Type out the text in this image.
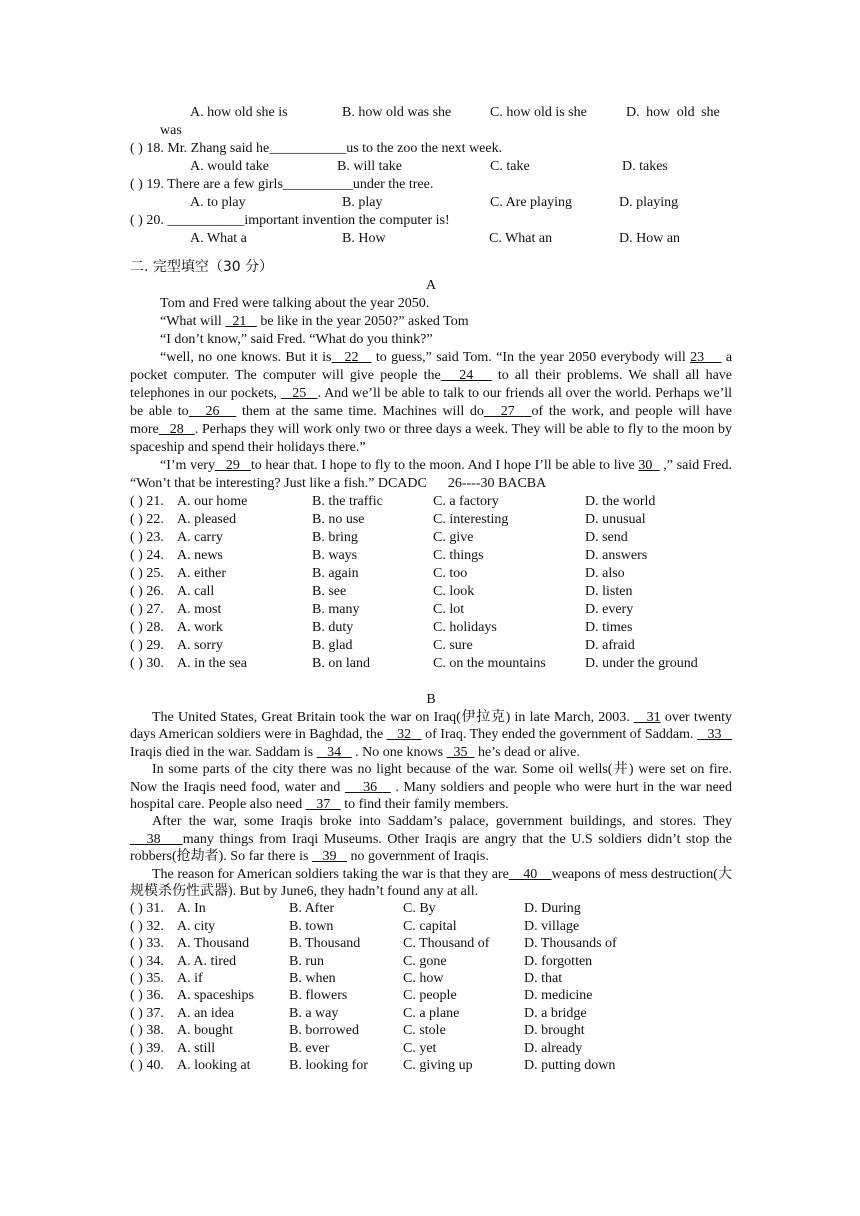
A. how old she is	B. how old was she	C. how old is she	D. how old she
was
( ) 18. Mr. Zhang said he___________us to the zoo the next week.
A. would take	B. will take	C. take	D. takes
( ) 19. There are a few girls__________under the tree.
A. to play	B. play	C. Are playing	D. playing
( ) 20. ___________important invention the computer is!
A. What a	B. How	C. What an	D. How an
二. 完型填空（30 分）
A
Tom and Fred were talking about the year 2050.
“What will   21    be like in the year 2050?” asked Tom
“I don’t know,” said Fred. “What do you think?”
“well, no one knows. But it is   22    to guess,” said Tom. “In the year 2050 everybody will 23     a pocket computer. The computer will give people the   24    to all their problems. We shall all have telephones in our pockets,    25   . And we’ll be able to talk to our friends all over the world. Perhaps we’ll be able to   26    them at the same time. Machines will do   27   of the work, and people will have more   28   . Perhaps they will work only two or three days a week. They will be able to fly to the moon by spaceship and spend their holidays there.”
“I’m very   29   to hear that. I hope to fly to the moon. And I hope I’ll be able to live 30   ,” said Fred. “Won’t that be interesting? Just like a fish.” DCADC      26----30 BACBA
( ) 21. A. our home	B. the traffic	C. a factory	D. the world
( ) 22. A. pleased	B. no use	C. interesting	D. unusual
( ) 23. A. carry	B. bring	C. give	D. send
( ) 24. A. news	B. ways	C. things	D. answers
( ) 25. A. either	B. again	C. too	D. also
( ) 26. A. call	B. see	C. look	D. listen
( ) 27. A. most	B. many	C. lot	D. every
( ) 28. A. work	B. duty	C. holidays	D. times
( ) 29. A. sorry	B. glad	C. sure	D. afraid
( ) 30. A. in the sea	B. on land	C. on the mountains	D. under the ground
B
The United States, Great Britain took the war on Iraq(伊拉克) in late March, 2003.    31 over twenty days American soldiers were in Baghdad, the    32    of Iraq. They ended the government of Saddam.    33    Iraqis died in the war. Saddam is    34    . No one knows   35   he’s dead or alive.
In some parts of the city there was no light because of the war. Some oil wells(井) were set on fire. Now the Iraqis need food, water and     36    . Many soldiers and people who were hurt in the war need hospital care. People also need    37    to find their family members.
After the war, some Iraqis broke into Saddam’s palace, government buildings, and stores. They    38    many things from Iraqi Museums. Other Iraqis are angry that the U.S soldiers didn’t stop the robbers(抢劫者). So far there is    39    no government of Iraqis.
The reason for American soldiers taking the war is that they are    40    weapons of mess destruction(大规模杀伤性武器). But by June6, they hadn’t found any at all.
( ) 31. A. In	B. After	C. By	D. During
( ) 32. A. city	B. town	C. capital	D. village
( ) 33. A. Thousand	B. Thousand	C. Thousand of D. Thousands of
( ) 34. A. A. tired	B. run	C. gone	D. forgotten
( ) 35. A. if	B. when	C. how	D. that
( ) 36. A. spaceships	B. flowers	C. people	D. medicine
( ) 37. A. an idea	B. a way	C. a plane	D. a bridge
( ) 38. A. bought	B. borrowed	C. stole	D. brought
( ) 39. A. still	B. ever	C. yet	D. already
( ) 40. A. looking at	B. looking for	C. giving up	D. putting down
